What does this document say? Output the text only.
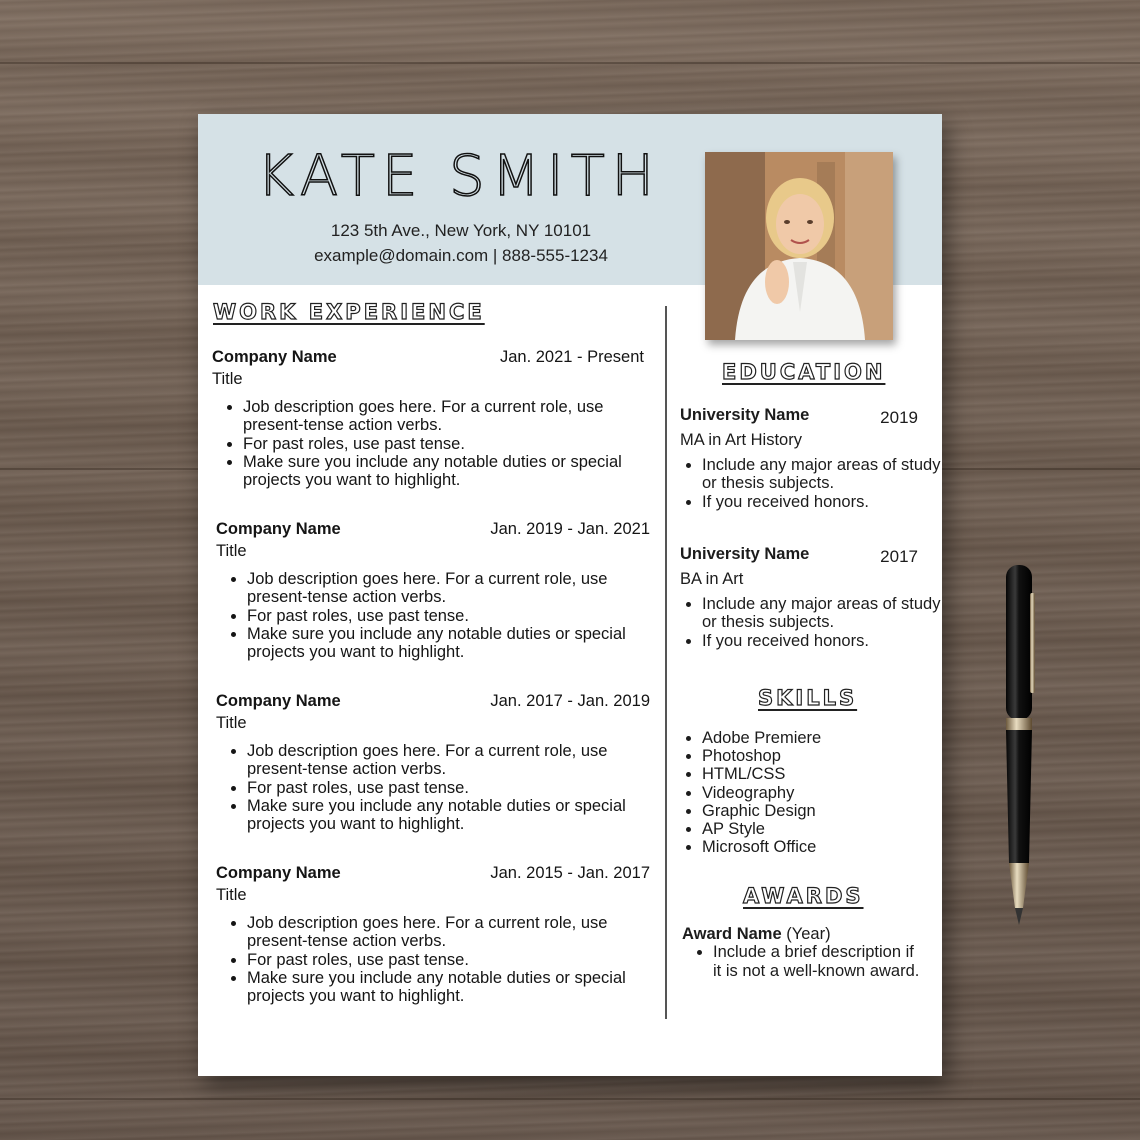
KATE SMITH
123 5th Ave., New York, NY 10101
example@domain.com | 888-555-1234
WORK EXPERIENCE
Company Name	Jan. 2021 - Present
Title
• Job description goes here. For a current role, use present-tense action verbs.
• For past roles, use past tense.
• Make sure you include any notable duties or special projects you want to highlight.
Company Name	Jan. 2019 - Jan. 2021
Title
• Job description goes here. For a current role, use present-tense action verbs.
• For past roles, use past tense.
• Make sure you include any notable duties or special projects you want to highlight.
Company Name	Jan. 2017 - Jan. 2019
Title
• Job description goes here. For a current role, use present-tense action verbs.
• For past roles, use past tense.
• Make sure you include any notable duties or special projects you want to highlight.
Company Name	Jan. 2015 - Jan. 2017
Title
• Job description goes here. For a current role, use present-tense action verbs.
• For past roles, use past tense.
• Make sure you include any notable duties or special projects you want to highlight.
EDUCATION
University Name	2019
MA in Art History
• Include any major areas of study or thesis subjects.
• If you received honors.
University Name	2017
BA in Art
• Include any major areas of study or thesis subjects.
• If you received honors.
SKILLS
• Adobe Premiere
• Photoshop
• HTML/CSS
• Videography
• Graphic Design
• AP Style
• Microsoft Office
AWARDS
Award Name (Year)
• Include a brief description if it is not a well-known award.
